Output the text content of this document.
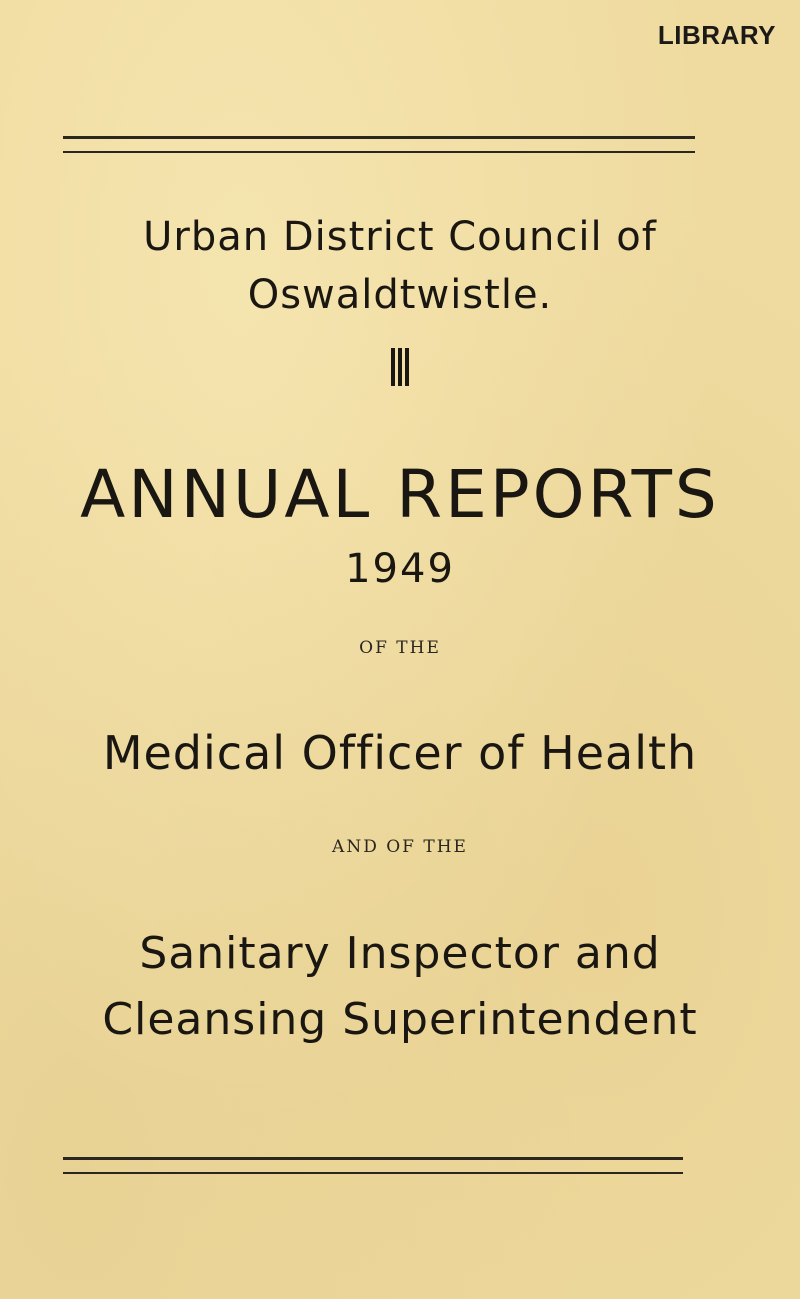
LIBRARY
Urban District Council of
Oswaldtwistle.
ANNUAL REPORTS
1949
OF THE
Medical Officer of Health
AND OF THE
Sanitary Inspector and
Cleansing Superintendent
